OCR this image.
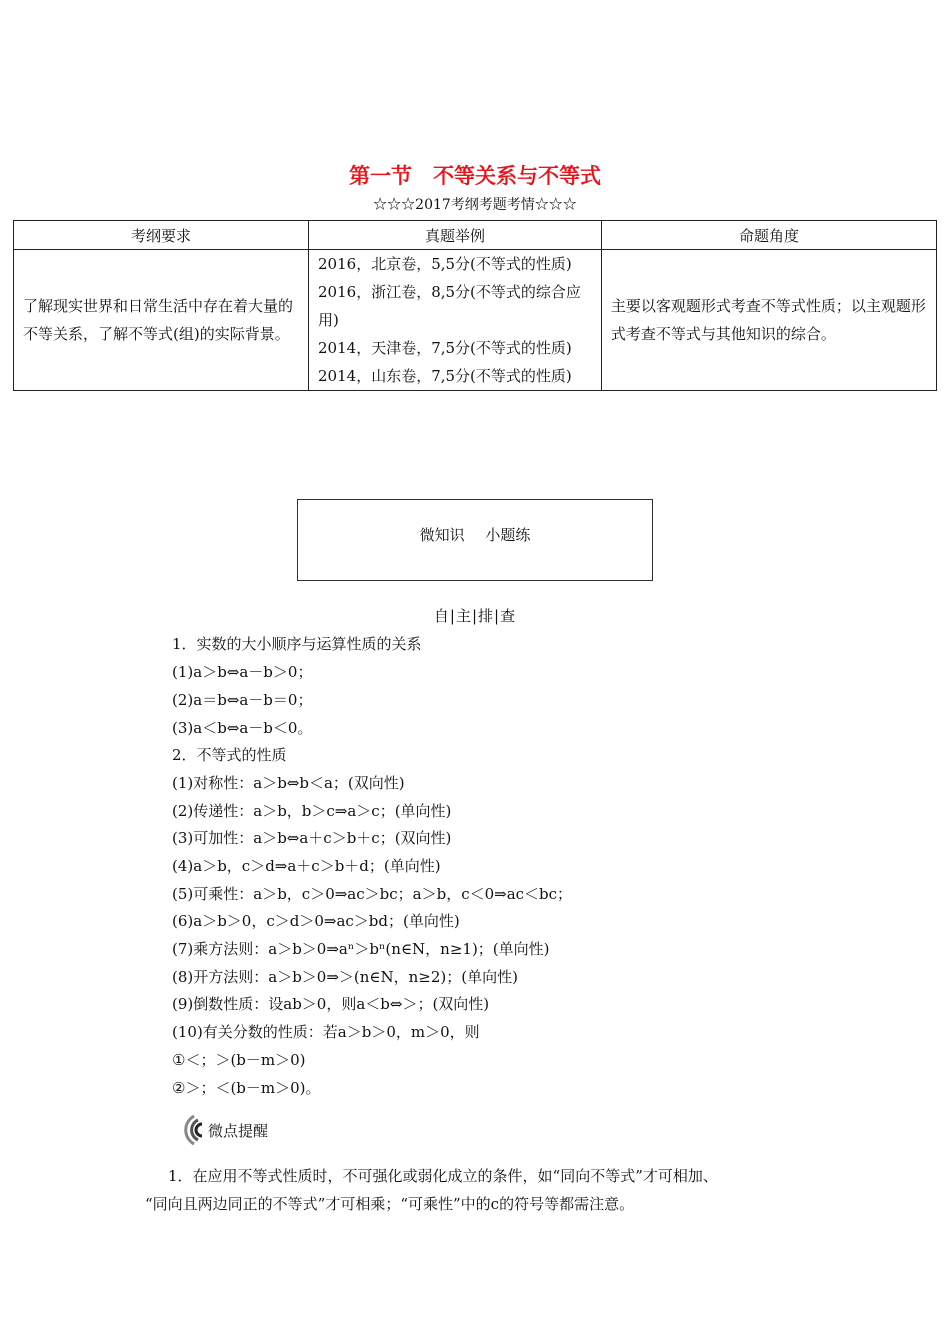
第一节　不等关系与不等式
☆☆☆2017考纲考题考情☆☆☆
考纲要求	真题举例	命题角度
了解现实世界和日常生活中存在着大量的不等关系，了解不等式(组)的实际背景。	2016，北京卷，5,5分(不等式的性质)
2016，浙江卷，8,5分(不等式的综合应用)
2014，天津卷，7,5分(不等式的性质)
2014，山东卷，7,5分(不等式的性质)	主要以客观题形式考查不等式性质；以主观题形式考查不等式与其他知识的综合。
微知识 小题练
自|主|排|查
1．实数的大小顺序与运算性质的关系
(1)a＞b⇔a－b＞0；
(2)a＝b⇔a－b＝0；
(3)a＜b⇔a－b＜0。
2．不等式的性质
(1)对称性：a＞b⇔b＜a；(双向性)
(2)传递性：a＞b，b＞c⇒a＞c；(单向性)
(3)可加性：a＞b⇔a＋c＞b＋c；(双向性)
(4)a＞b，c＞d⇒a＋c＞b＋d；(单向性)
(5)可乘性：a＞b，c＞0⇒ac＞bc；a＞b，c＜0⇒ac＜bc；
(6)a＞b＞0，c＞d＞0⇒ac＞bd；(单向性)
(7)乘方法则：a＞b＞0⇒aⁿ＞bⁿ(n∈N，n≥1)；(单向性)
(8)开方法则：a＞b＞0⇒＞(n∈N，n≥2)；(单向性)
(9)倒数性质：设ab＞0，则a＜b⇔＞；(双向性)
(10)有关分数的性质：若a＞b＞0，m＞0，则
①＜；＞(b－m＞0)
②＞；＜(b－m＞0)。
微点提醒
1．在应用不等式性质时，不可强化或弱化成立的条件，如“同向不等式”才可相加、
“同向且两边同正的不等式”才可相乘；“可乘性”中的c的符号等都需注意。
